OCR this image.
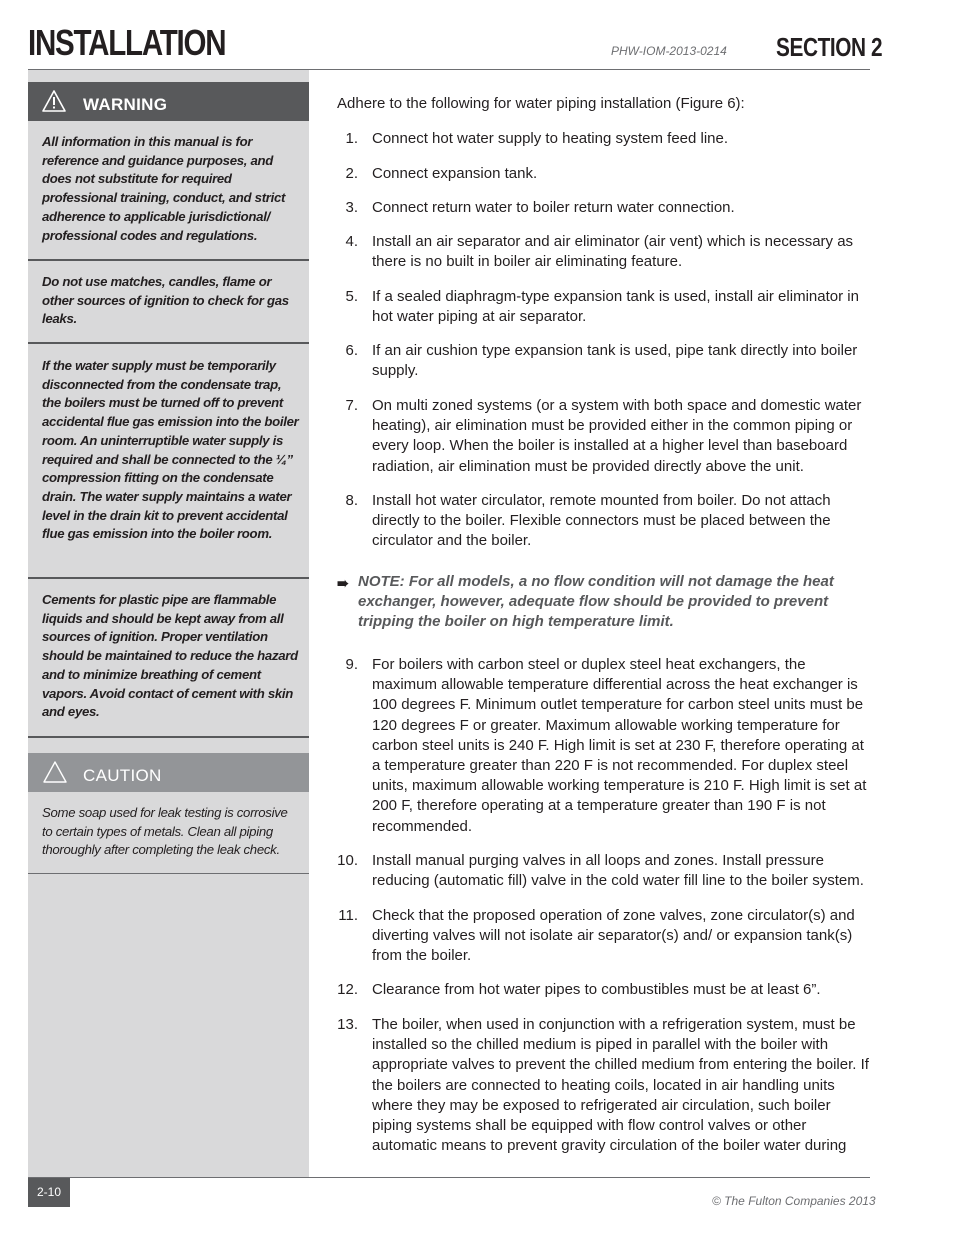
INSTALLATION	PHW-IOM-2013-0214 SECTION 2
WARNING
All information in this manual is for reference and guidance purposes, and does not substitute for required professional training, conduct, and strict adherence to applicable jurisdictional/ professional codes and regulations.
Do not use matches, candles, flame or other sources of ignition to check for gas leaks.
If the water supply must be temporarily disconnected from the condensate trap, the boilers must be turned off to prevent accidental flue gas emission into the boiler room. An uninterruptible water supply is required and shall be connected to the ¼” compression fitting on the condensate drain. The water supply maintains a water level in the drain kit to prevent accidental flue gas emission into the boiler room.
Cements for plastic pipe are flammable liquids and should be kept away from all sources of ignition. Proper ventilation should be maintained to reduce the hazard and to minimize breathing of cement vapors. Avoid contact of cement with skin and eyes.
CAUTION
Some soap used for leak testing is corrosive to certain types of metals. Clean all piping thoroughly after completing the leak check.
Adhere to the following for water piping installation (Figure 6):
1. Connect hot water supply to heating system feed line.
2. Connect expansion tank.
3. Connect return water to boiler return water connection.
4. Install an air separator and air eliminator (air vent) which is necessary as there is no built in boiler air eliminating feature.
5. If a sealed diaphragm-type expansion tank is used, install air eliminator in hot water piping at air separator.
6. If an air cushion type expansion tank is used, pipe tank directly into boiler supply.
7. On multi zoned systems (or a system with both space and domestic water heating), air elimination must be provided either in the common piping or every loop. When the boiler is installed at a higher level than baseboard radiation, air elimination must be provided directly above the unit.
8. Install hot water circulator, remote mounted from boiler. Do not attach directly to the boiler. Flexible connectors must be placed between the circulator and the boiler.
➠ NOTE: For all models, a no flow condition will not damage the heat exchanger, however, adequate flow should be provided to prevent tripping the boiler on high temperature limit.
9. For boilers with carbon steel or duplex steel heat exchangers, the maximum allowable temperature differential across the heat exchanger is 100 degrees F. Minimum outlet temperature for carbon steel units must be 120 degrees F or greater. Maximum allowable working temperature for carbon steel units is 240 F. High limit is set at 230 F, therefore operating at a temperature greater than 220 F is not recommended. For duplex steel units, maximum allowable working temperature is 210 F. High limit is set at 200 F, therefore operating at a temperature greater than 190 F is not recommended.
10. Install manual purging valves in all loops and zones. Install pressure reducing (automatic fill) valve in the cold water fill line to the boiler system.
11. Check that the proposed operation of zone valves, zone circulator(s) and diverting valves will not isolate air separator(s) and/ or expansion tank(s) from the boiler.
12. Clearance from hot water pipes to combustibles must be at least 6”.
13. The boiler, when used in conjunction with a refrigeration system, must be installed so the chilled medium is piped in parallel with the boiler with appropriate valves to prevent the chilled medium from entering the boiler. If the boilers are connected to heating coils, located in air handling units where they may be exposed to refrigerated air circulation, such boiler piping systems shall be equipped with flow control valves or other automatic means to prevent gravity circulation of the boiler water during
2-10
© The Fulton Companies 2013
